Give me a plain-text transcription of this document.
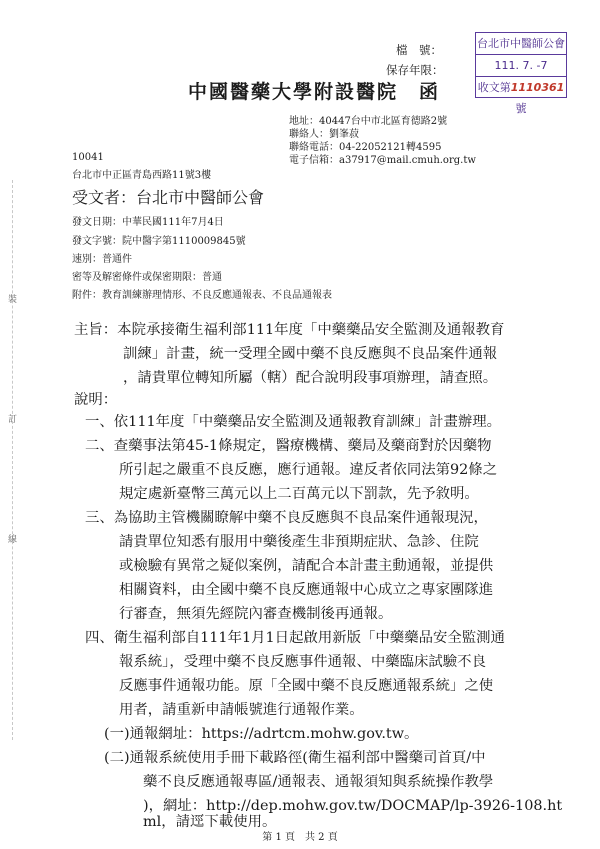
檔　號：
保存年限：
台北市中醫師公會
111. 7. -7
收文第1110361號
中國醫藥大學附設醫院　函
地址：40447台中市北區育德路2號
聯絡人：劉峯菽
聯絡電話：04-22052121轉4595
電子信箱：a37917@mail.cmuh.org.tw
10041
台北市中正區青島西路11號3樓
受文者：台北市中醫師公會
發文日期：中華民國111年7月4日
發文字號：院中醫字第1110009845號
速別：普通件
密等及解密條件或保密期限：普通
附件：教育訓練辦理情形、不良反應通報表、不良品通報表
裝
訂
線
主旨：本院承接衛生福利部111年度「中藥藥品安全監測及通報教育
訓練」計畫，統一受理全國中藥不良反應與不良品案件通報
，請貴單位轉知所屬（轄）配合說明段事項辦理，請查照。
說明：
一、依111年度「中藥藥品安全監測及通報教育訓練」計畫辦理。
二、查藥事法第45-1條規定，醫療機構、藥局及藥商對於因藥物
所引起之嚴重不良反應，應行通報。違反者依同法第92條之
規定處新臺幣三萬元以上二百萬元以下罰款，先予敘明。
三、為協助主管機關瞭解中藥不良反應與不良品案件通報現況，
請貴單位知悉有服用中藥後產生非預期症狀、急診、住院
或檢驗有異常之疑似案例，請配合本計畫主動通報，並提供
相關資料，由全國中藥不良反應通報中心成立之專家團隊進
行審查，無須先經院內審查機制後再通報。
四、衛生福利部自111年1月1日起啟用新版「中藥藥品安全監測通
報系統」，受理中藥不良反應事件通報、中藥臨床試驗不良
反應事件通報功能。原「全國中藥不良反應通報系統」之使
用者，請重新申請帳號進行通報作業。
(一)通報網址：https://adrtcm.mohw.gov.tw。
(二)通報系統使用手冊下載路徑(衛生福利部中醫藥司首頁/中
藥不良反應通報專區/通報表、通報須知與系統操作教學
)，網址：http://dep.mohw.gov.tw/DOCMAP/lp-3926-108.ht
ml，請逕下載使用。
第 1 頁　共 2 頁
